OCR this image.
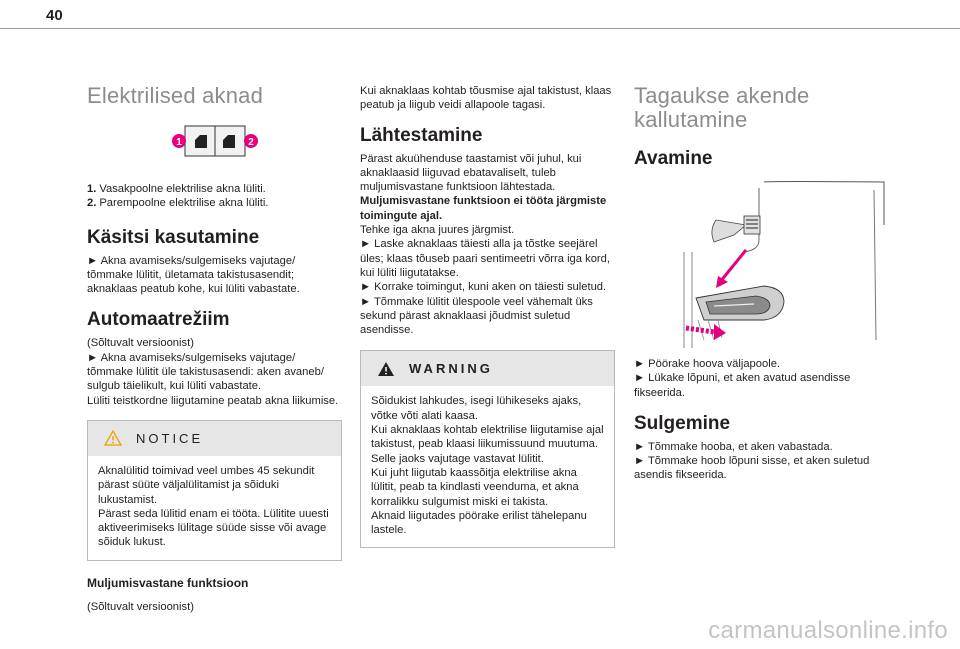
40
Elektrilised aknad
1	2
1. Vasakpoolne elektrilise akna lüliti.
2. Parempoolne elektrilise akna lüliti.
Käsitsi kasutamine

► Akna avamiseks/sulgemiseks vajutage/ tõmmake lülitit, ületamata takistusasendit; aknaklaas peatub kohe, kui lüliti vabastate.

Automaatrežiim

(Sõltuvalt versioonist)

► Akna avamiseks/sulgemiseks vajutage/ tõmmake lülitit üle takistusasendi: aken avaneb/ sulgub täielikult, kui lüliti vabastate.

Lüliti teistkordne liigutamine peatab akna liikumise.

NOTICE

Aknalülitid toimivad veel umbes 45 sekundit pärast süüte väljalülitamist ja sõiduki lukustamist.

Pärast seda lülitid enam ei tööta. Lülitite uuesti aktiveerimiseks lülitage süüde sisse või avage sõiduk lukust.

Muljumisvastane funktsioon

(Sõltuvalt versioonist)

Kui aknaklaas kohtab tõusmise ajal takistust, klaas peatub ja liigub veidi allapoole tagasi.

Lähtestamine

Pärast akuühenduse taastamist või juhul, kui aknaklaasid liiguvad ebatavaliselt, tuleb muljumisvastane funktsioon lähtestada.

Muljumisvastane funktsioon ei tööta järgmiste toimingute ajal.

Tehke iga akna juures järgmist.

► Laske aknaklaas täiesti alla ja tõstke seejärel üles; klaas tõuseb paari sentimeetri võrra iga kord, kui lüliti liigutatakse.

► Korrake toimingut, kuni aken on täiesti suletud.

► Tõmmake lülitit ülespoole veel vähemalt üks sekund pärast aknaklaasi jõudmist suletud asendisse.

WARNING

Sõidukist lahkudes, isegi lühikeseks ajaks, võtke võti alati kaasa.

Kui aknaklaas kohtab elektrilise liigutamise ajal takistust, peab klaasi liikumissuund muutuma. Selle jaoks vajutage vastavat lülitit.

Kui juht liigutab kaassõitja elektrilise akna lülitit, peab ta kindlasti veenduma, et akna korralikku sulgumist miski ei takista.

Aknaid liigutades pöörake erilist tähelepanu lastele.

Tagaukse akende kallutamine
Avamine

► Pöörake hoova väljapoole.

► Lükake lõpuni, et aken avatud asendisse fikseerida.

Sulgemine

► Tõmmake hooba, et aken vabastada.

► Tõmmake hoob lõpuni sisse, et aken suletud asendis fikseerida.

carmanualsonline.info
